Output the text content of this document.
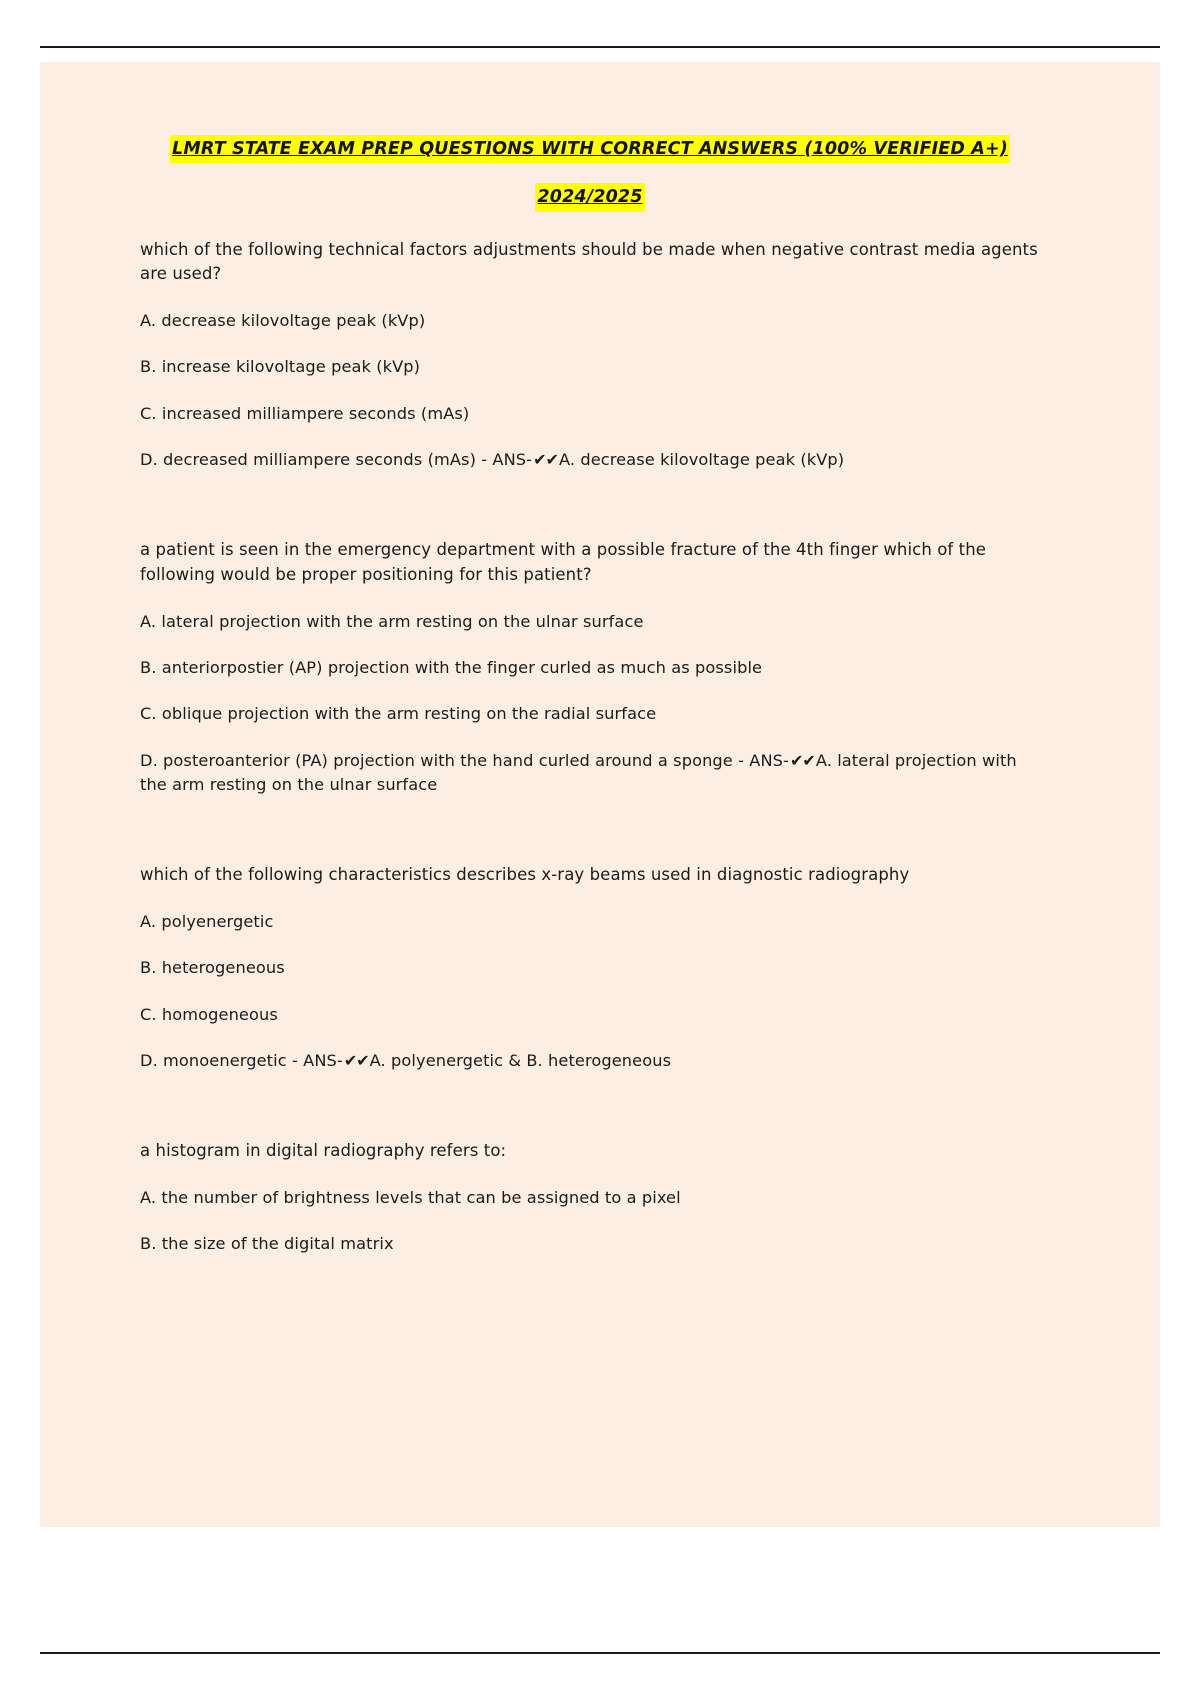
LMRT STATE EXAM PREP QUESTIONS WITH CORRECT ANSWERS (100% VERIFIED A+)
2024/2025
which of the following technical factors adjustments should be made when negative contrast media agents are used?
A. decrease kilovoltage peak (kVp)
B. increase kilovoltage peak (kVp)
C. increased milliampere seconds (mAs)
D. decreased milliampere seconds (mAs) - ANS-✔✔A. decrease kilovoltage peak (kVp)
a patient is seen in the emergency department with a possible fracture of the 4th finger which of the following would be proper positioning for this patient?
A. lateral projection with the arm resting on the ulnar surface
B. anteriorpostier (AP) projection with the finger curled as much as possible
C. oblique projection with the arm resting on the radial surface
D. posteroanterior (PA) projection with the hand curled around a sponge - ANS-✔✔A. lateral projection with the arm resting on the ulnar surface
which of the following characteristics describes x-ray beams used in diagnostic radiography
A. polyenergetic
B. heterogeneous
C. homogeneous
D. monoenergetic - ANS-✔✔A. polyenergetic & B. heterogeneous
a histogram in digital radiography refers to:
A. the number of brightness levels that can be assigned to a pixel
B. the size of the digital matrix
